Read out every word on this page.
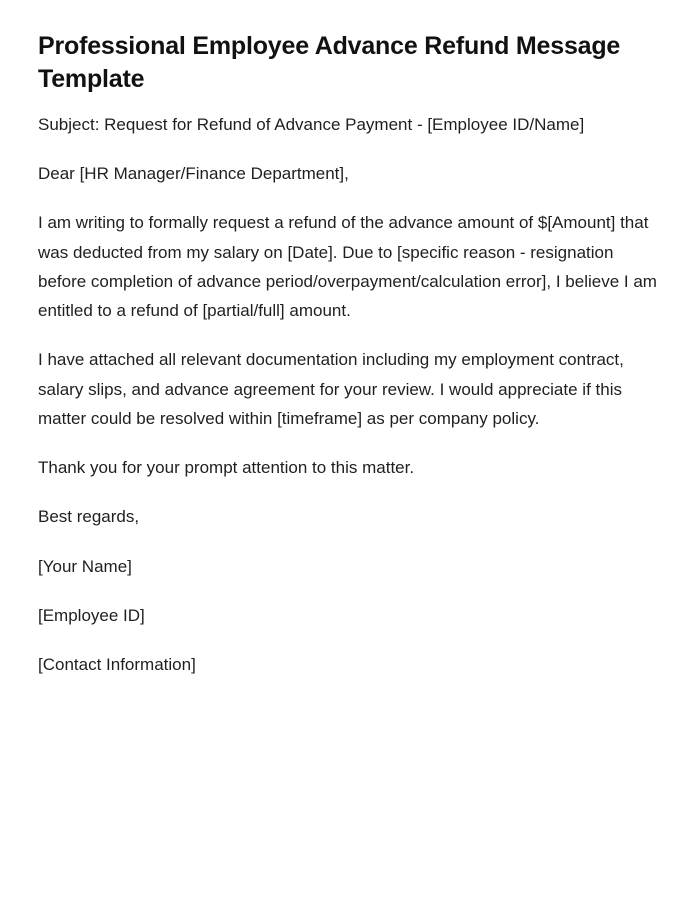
Professional Employee Advance Refund Message Template

Subject: Request for Refund of Advance Payment - [Employee ID/Name]

Dear [HR Manager/Finance Department],

I am writing to formally request a refund of the advance amount of $[Amount] that was deducted from my salary on [Date]. Due to [specific reason - resignation before completion of advance period/overpayment/calculation error], I believe I am entitled to a refund of [partial/full] amount.

I have attached all relevant documentation including my employment contract, salary slips, and advance agreement for your review. I would appreciate if this matter could be resolved within [timeframe] as per company policy.

Thank you for your prompt attention to this matter.

Best regards,

[Your Name]

[Employee ID]

[Contact Information]
